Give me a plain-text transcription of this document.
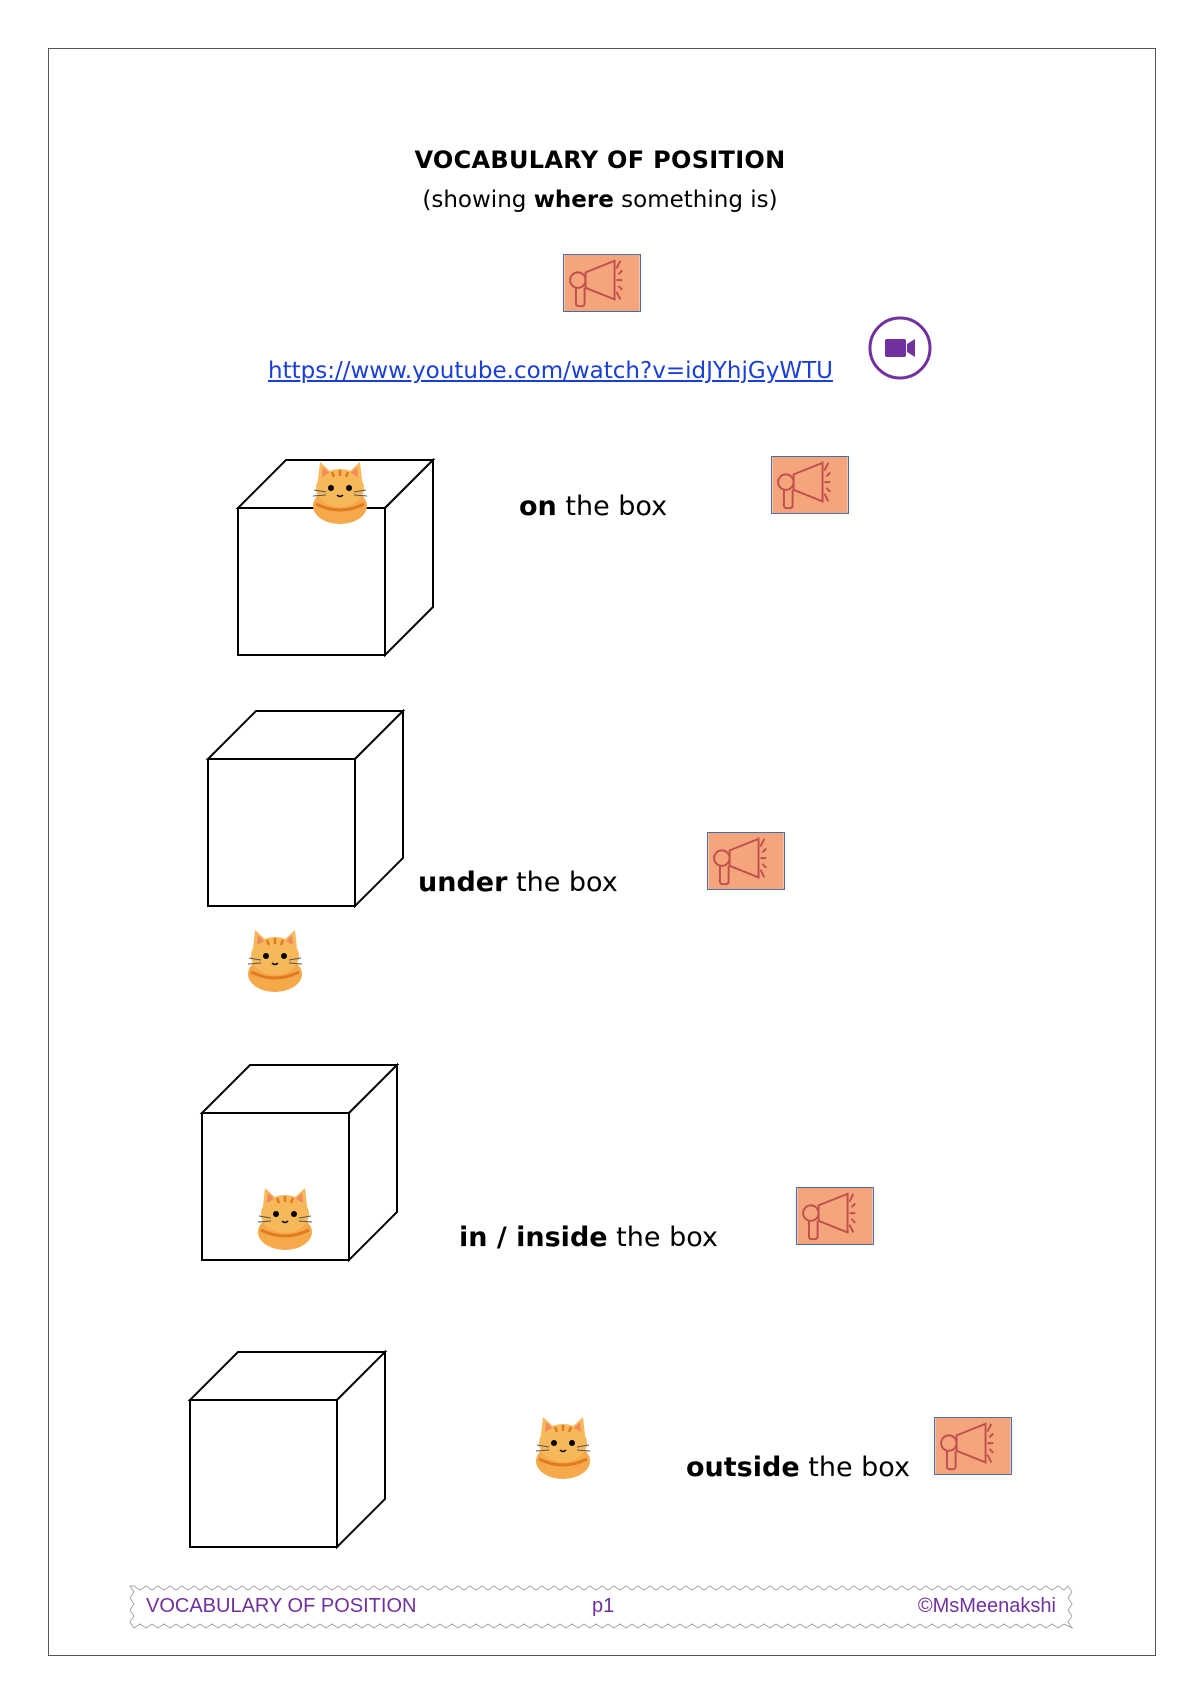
VOCABULARY OF POSITION
(showing where something is)
https://www.youtube.com/watch?v=idJYhjGyWTU
on the box
under the box
in / inside the box
outside the box
VOCABULARY OF POSITION	p1	©MsMeenakshi
